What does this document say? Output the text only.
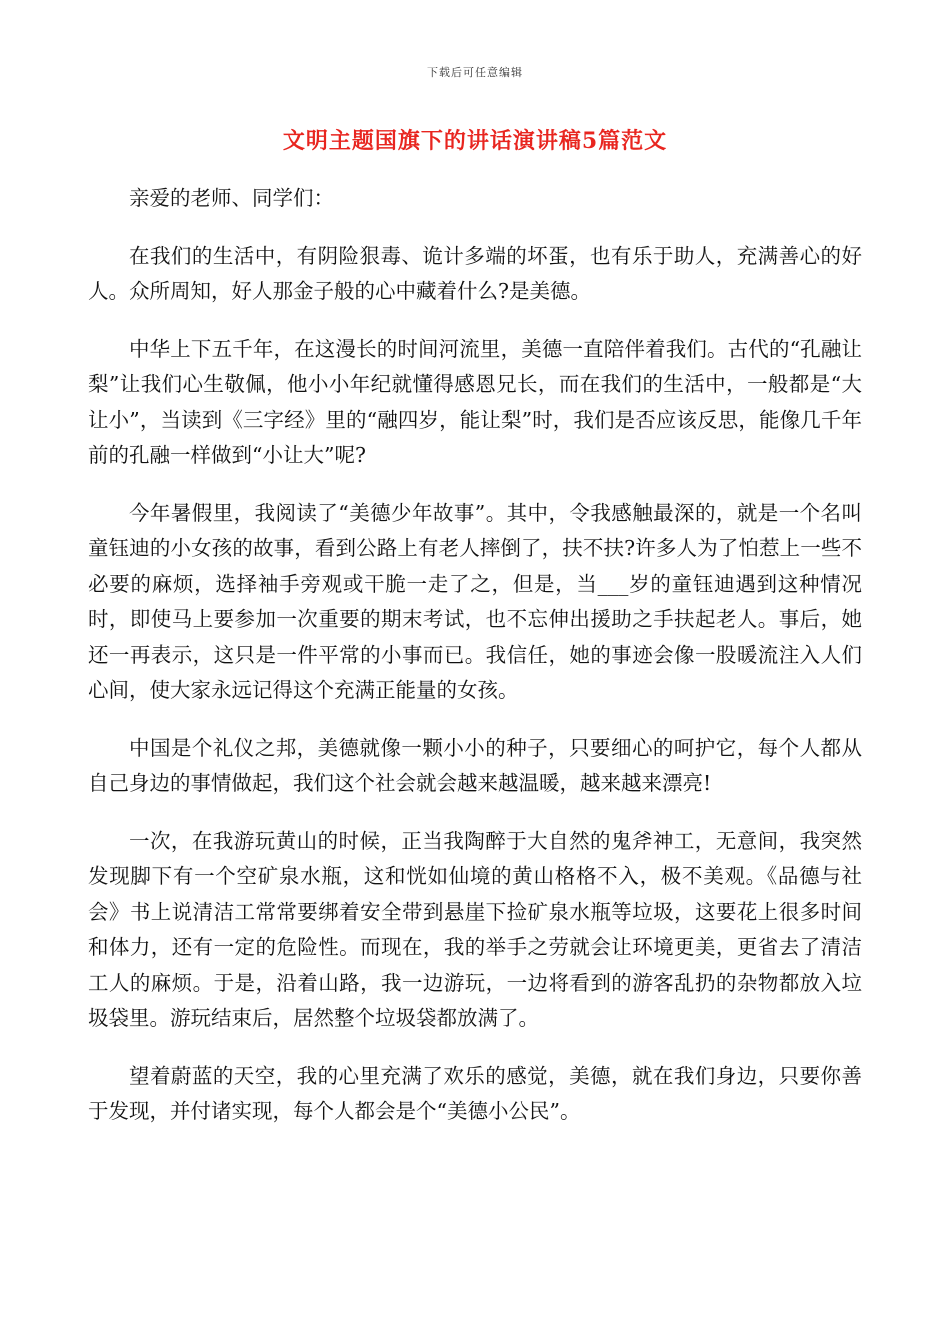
下载后可任意编辑
文明主题国旗下的讲话演讲稿5篇范文

亲爱的老师、同学们：

在我们的生活中，有阴险狠毒、诡计多端的坏蛋，也有乐于助人，充满善心的好人。众所周知，好人那金子般的心中藏着什么?是美德。

中华上下五千年，在这漫长的时间河流里，美德一直陪伴着我们。古代的“孔融让梨”让我们心生敬佩，他小小年纪就懂得感恩兄长，而在我们的生活中，一般都是“大让小”，当读到《三字经》里的“融四岁，能让梨”时，我们是否应该反思，能像几千年前的孔融一样做到“小让大”呢?

今年暑假里，我阅读了“美德少年故事”。其中，令我感触最深的，就是一个名叫童钰迪的小女孩的故事，看到公路上有老人摔倒了，扶不扶?许多人为了怕惹上一些不必要的麻烦，选择袖手旁观或干脆一走了之，但是，当___岁的童钰迪遇到这种情况时，即使马上要参加一次重要的期末考试，也不忘伸出援助之手扶起老人。事后，她还一再表示，这只是一件平常的小事而已。我信任，她的事迹会像一股暖流注入人们心间，使大家永远记得这个充满正能量的女孩。

中国是个礼仪之邦，美德就像一颗小小的种子，只要细心的呵护它，每个人都从自己身边的事情做起，我们这个社会就会越来越温暖，越来越来漂亮!

一次，在我游玩黄山的时候，正当我陶醉于大自然的鬼斧神工，无意间，我突然发现脚下有一个空矿泉水瓶，这和恍如仙境的黄山格格不入，极不美观。《品德与社会》书上说清洁工常常要绑着安全带到悬崖下捡矿泉水瓶等垃圾，这要花上很多时间和体力，还有一定的危险性。而现在，我的举手之劳就会让环境更美，更省去了清洁工人的麻烦。于是，沿着山路，我一边游玩，一边将看到的游客乱扔的杂物都放入垃圾袋里。游玩结束后，居然整个垃圾袋都放满了。

望着蔚蓝的天空，我的心里充满了欢乐的感觉，美德，就在我们身边，只要你善于发现，并付诸实现，每个人都会是个“美德小公民”。
